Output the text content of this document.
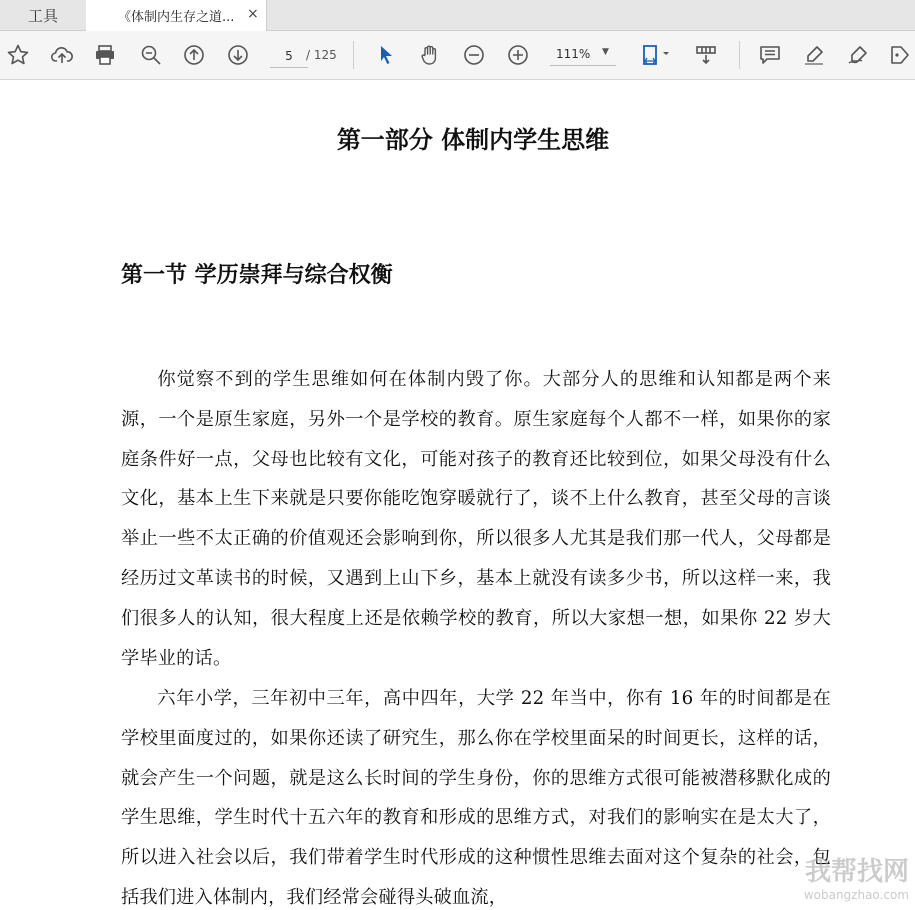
工具	《体制内生存之道... ×
5
/ 125	111% ▼
第一部分 体制内学生思维
第一节 学历崇拜与综合权衡
你觉察不到的学生思维如何在体制内毁了你。大部分人的思维和认知都是两个来源，一个是原生家庭，另外一个是学校的教育。原生家庭每个人都不一样，如果你的家庭条件好一点，父母也比较有文化，可能对孩子的教育还比较到位，如果父母没有什么文化，基本上生下来就是只要你能吃饱穿暖就行了，谈不上什么教育，甚至父母的言谈举止一些不太正确的价值观还会影响到你，所以很多人尤其是我们那一代人，父母都是经历过文革读书的时候，又遇到上山下乡，基本上就没有读多少书，所以这样一来，我们很多人的认知，很大程度上还是依赖学校的教育，所以大家想一想，如果你 22 岁大学毕业的话。
六年小学，三年初中三年，高中四年，大学 22 年当中，你有 16 年的时间都是在学校里面度过的，如果你还读了研究生，那么你在学校里面呆的时间更长，这样的话，就会产生一个问题，就是这么长时间的学生身份，你的思维方式很可能被潜移默化成的学生思维，学生时代十五六年的教育和形成的思维方式，对我们的影响实在是太大了，所以进入社会以后，我们带着学生时代形成的这种惯性思维去面对这个复杂的社会，包括我们进入体制内，我们经常会碰得头破血流，
我帮找网
wobangzhao.com
